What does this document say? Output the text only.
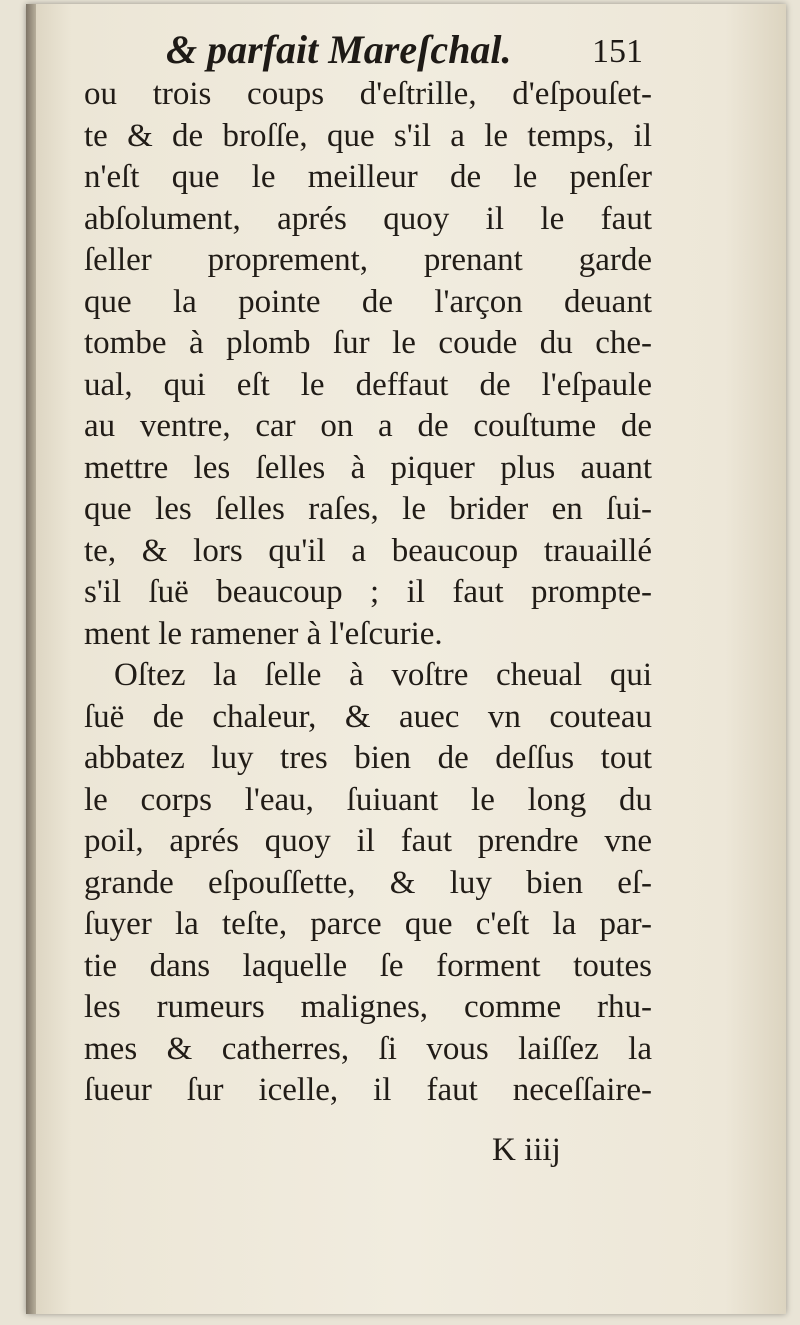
& parfait Mareſchal. 151
ou trois coups d'eſtrille, d'eſpouſet-
te & de broſſe, que s'il a le temps, il
n'eſt que le meilleur de le penſer
abſolument, aprés quoy il le faut
ſeller proprement, prenant garde
que la pointe de l'arçon deuant
tombe à plomb ſur le coude du che-
ual, qui eſt le deffaut de l'eſpaule
au ventre, car on a de couſtume de
mettre les ſelles à piquer plus auant
que les ſelles raſes, le brider en ſui-
te, & lors qu'il a beaucoup trauaillé
s'il ſuë beaucoup ; il faut prompte-
ment le ramener à l'eſcurie.
Oſtez la ſelle à voſtre cheual qui
ſuë de chaleur, & auec vn couteau
abbatez luy tres bien de deſſus tout
le corps l'eau, ſuiuant le long du
poil, aprés quoy il faut prendre vne
grande eſpouſſette, & luy bien eſ-
ſuyer la teſte, parce que c'eſt la par-
tie dans laquelle ſe forment toutes
les rumeurs malignes, comme rhu-
mes & catherres, ſi vous laiſſez la
ſueur ſur icelle, il faut neceſſaire-
K iiij
